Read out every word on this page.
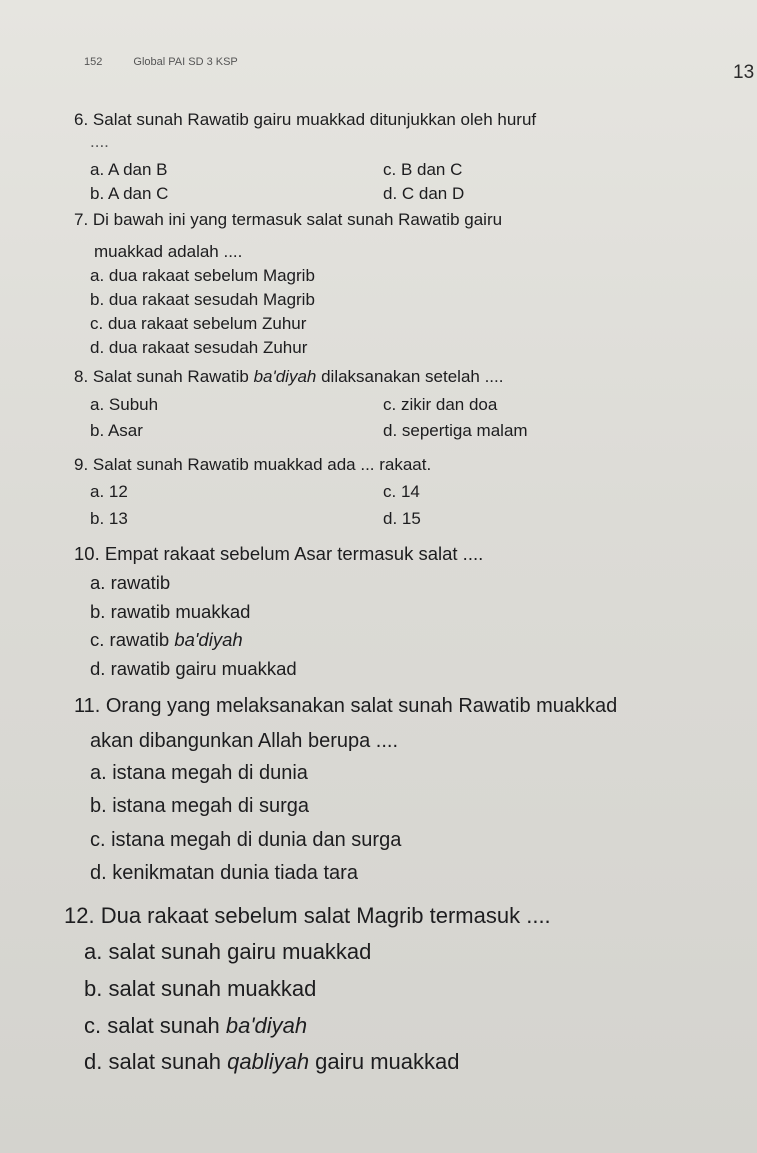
152	Global PAI SD 3 KSP	13
6. Salat sunah Rawatib gairu muakkad ditunjukkan oleh huruf
....
a. A dan B	c. B dan C
b. A dan C	d. C dan D
7. Di bawah ini yang termasuk salat sunah Rawatib gairu
muakkad adalah ....
a. dua rakaat sebelum Magrib
b. dua rakaat sesudah Magrib
c. dua rakaat sebelum Zuhur
d. dua rakaat sesudah Zuhur
8. Salat sunah Rawatib ba'diyah dilaksanakan setelah ....
a. Subuh	c. zikir dan doa
b. Asar	d. sepertiga malam
9. Salat sunah Rawatib muakkad ada ... rakaat.
a. 12	c. 14
b. 13	d. 15
10. Empat rakaat sebelum Asar termasuk salat ....
a. rawatib
b. rawatib muakkad
c. rawatib ba'diyah
d. rawatib gairu muakkad
11. Orang yang melaksanakan salat sunah Rawatib muakkad
akan dibangunkan Allah berupa ....
a. istana megah di dunia
b. istana megah di surga
c. istana megah di dunia dan surga
d. kenikmatan dunia tiada tara
12. Dua rakaat sebelum salat Magrib termasuk ....
a. salat sunah gairu muakkad
b. salat sunah muakkad
c. salat sunah ba'diyah
d. salat sunah qabliyah gairu muakkad
